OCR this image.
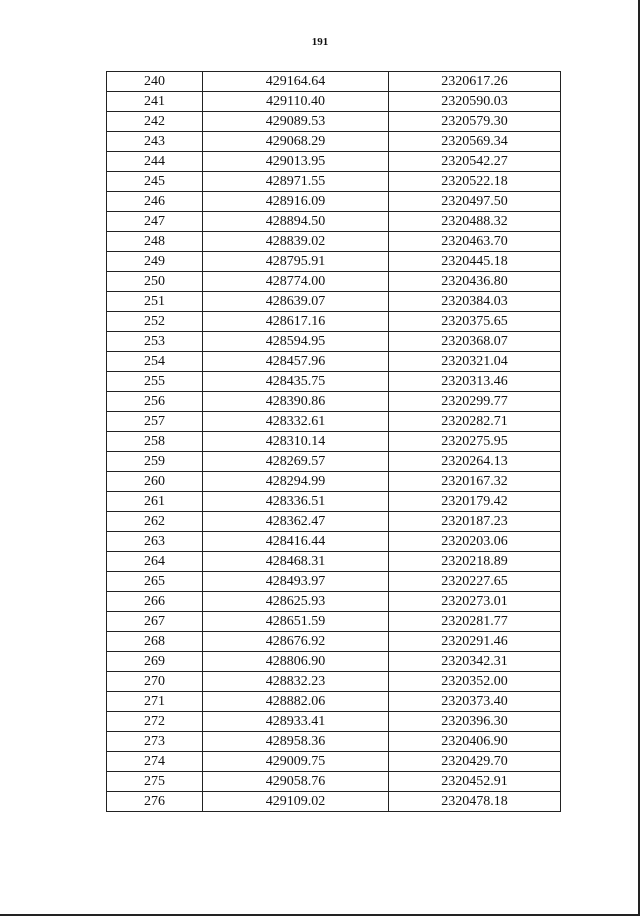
191
240	429164.64	2320617.26
241	429110.40	2320590.03
242	429089.53	2320579.30
243	429068.29	2320569.34
244	429013.95	2320542.27
245	428971.55	2320522.18
246	428916.09	2320497.50
247	428894.50	2320488.32
248	428839.02	2320463.70
249	428795.91	2320445.18
250	428774.00	2320436.80
251	428639.07	2320384.03
252	428617.16	2320375.65
253	428594.95	2320368.07
254	428457.96	2320321.04
255	428435.75	2320313.46
256	428390.86	2320299.77
257	428332.61	2320282.71
258	428310.14	2320275.95
259	428269.57	2320264.13
260	428294.99	2320167.32
261	428336.51	2320179.42
262	428362.47	2320187.23
263	428416.44	2320203.06
264	428468.31	2320218.89
265	428493.97	2320227.65
266	428625.93	2320273.01
267	428651.59	2320281.77
268	428676.92	2320291.46
269	428806.90	2320342.31
270	428832.23	2320352.00
271	428882.06	2320373.40
272	428933.41	2320396.30
273	428958.36	2320406.90
274	429009.75	2320429.70
275	429058.76	2320452.91
276	429109.02	2320478.18
